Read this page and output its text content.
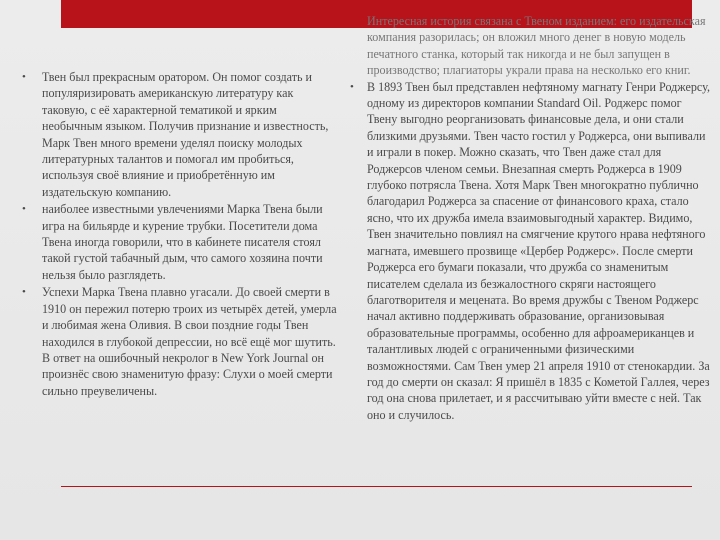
• Твен был прекрасным оратором. Он помог создать и популяризировать американскую литературу как таковую, с её характерной тематикой и ярким необычным языком. Получив признание и известность, Марк Твен много времени уделял поиску молодых литературных талантов и помогал им пробиться, используя своё влияние и приобретённую им издательскую компанию.
• наиболее известными увлечениями Марка Твена были игра на бильярде и курение трубки. Посетители дома Твена иногда говорили, что в кабинете писателя стоял такой густой табачный дым, что самого хозяина почти нельзя было разглядеть.
• Успехи Марка Твена плавно угасали. До своей смерти в 1910 он пережил потерю троих из четырёх детей, умерла и любимая жена Оливия. В свои поздние годы Твен находился в глубокой депрессии, но всё ещё мог шутить. В ответ на ошибочный некролог в New York Journal он произнёс свою знаменитую фразу: Слухи о моей смерти сильно преувеличены.
Интересная история связана с Твеном изданием: его издательская компания разорилась; он вложил много денег в новую модель печатного станка, который так никогда и не был запущен в производство; плагиаторы украли права на несколько его книг.
• В 1893 Твен был представлен нефтяному магнату Генри Роджерсу, одному из директоров компании Standard Oil. Роджерс помог Твену выгодно реорганизовать финансовые дела, и они стали близкими друзьями. Твен часто гостил у Роджерса, они выпивали и играли в покер. Можно сказать, что Твен даже стал для Роджерсов членом семьи. Внезапная смерть Роджерса в 1909 глубоко потрясла Твена. Хотя Марк Твен многократно публично благодарил Роджерса за спасение от финансового краха, стало ясно, что их дружба имела взаимовыгодный характер. Видимо, Твен значительно повлиял на смягчение крутого нрава нефтяного магната, имевшего прозвище «Цербер Роджерс». После смерти Роджерса его бумаги показали, что дружба со знаменитым писателем сделала из безжалостного скряги настоящего благотворителя и мецената. Во время дружбы с Твеном Роджерс начал активно поддерживать образование, организовывая образовательные программы, особенно для афроамериканцев и талантливых людей с ограниченными физическими возможностями. Сам Твен умер 21 апреля 1910 от стенокардии. За год до смерти он сказал: Я пришёл в 1835 с Кометой Галлея, через год она снова прилетает, и я рассчитываю уйти вместе с ней. Так оно и случилось.
